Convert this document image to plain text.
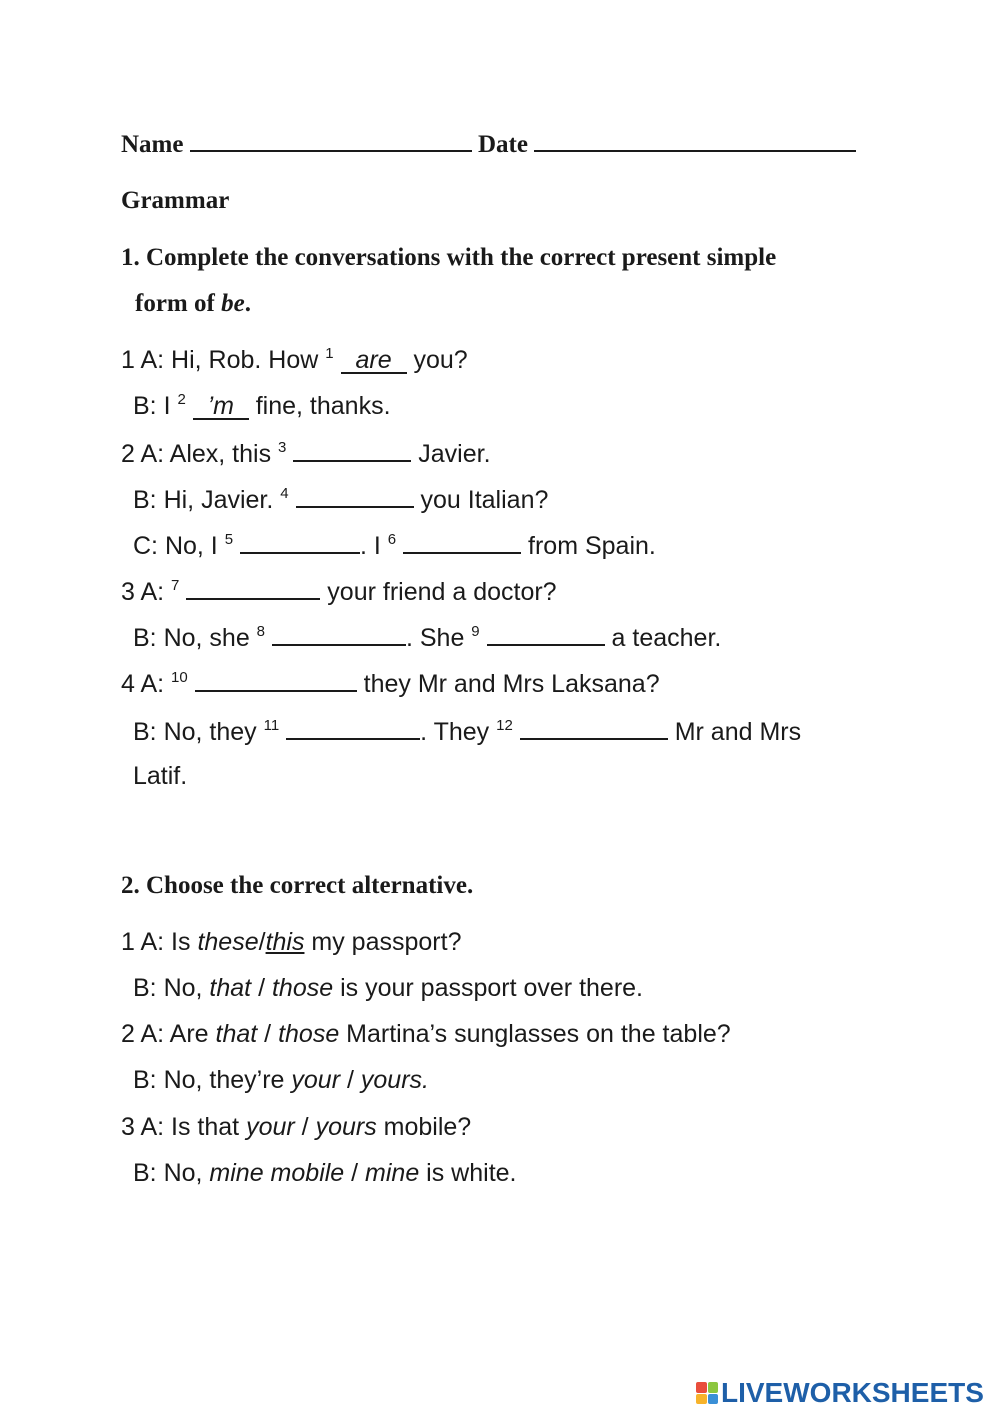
Name	Date
Grammar
1. Complete the conversations with the correct present simple
form of be.
1 A: Hi, Rob. How $^1$ are you?
B: I $^2$ ’m fine, thanks.
2 A: Alex, this $^3$	Javier.
B: Hi, Javier. $^4$	you Italian?
C: No, I $^5$	. I $^6$	from Spain.
3 A: $^7$	your friend a doctor?
B: No, she $^8$	. She $^9$	a teacher.
4 A: $^{10}$	they Mr and Mrs Laksana?
B: No, they $^{11}$	. They $^{12}$	Mr and Mrs
Latif.
2. Choose the correct alternative.
1 A: Is these/this my passport?
B: No, that / those is your passport over there.
2 A: Are that / those Martina’s sunglasses on the table?
B: No, they’re your / yours.
3 A: Is that your / yours mobile?
B: No, mine mobile / mine is white.
LIVEWORKSHEETS
